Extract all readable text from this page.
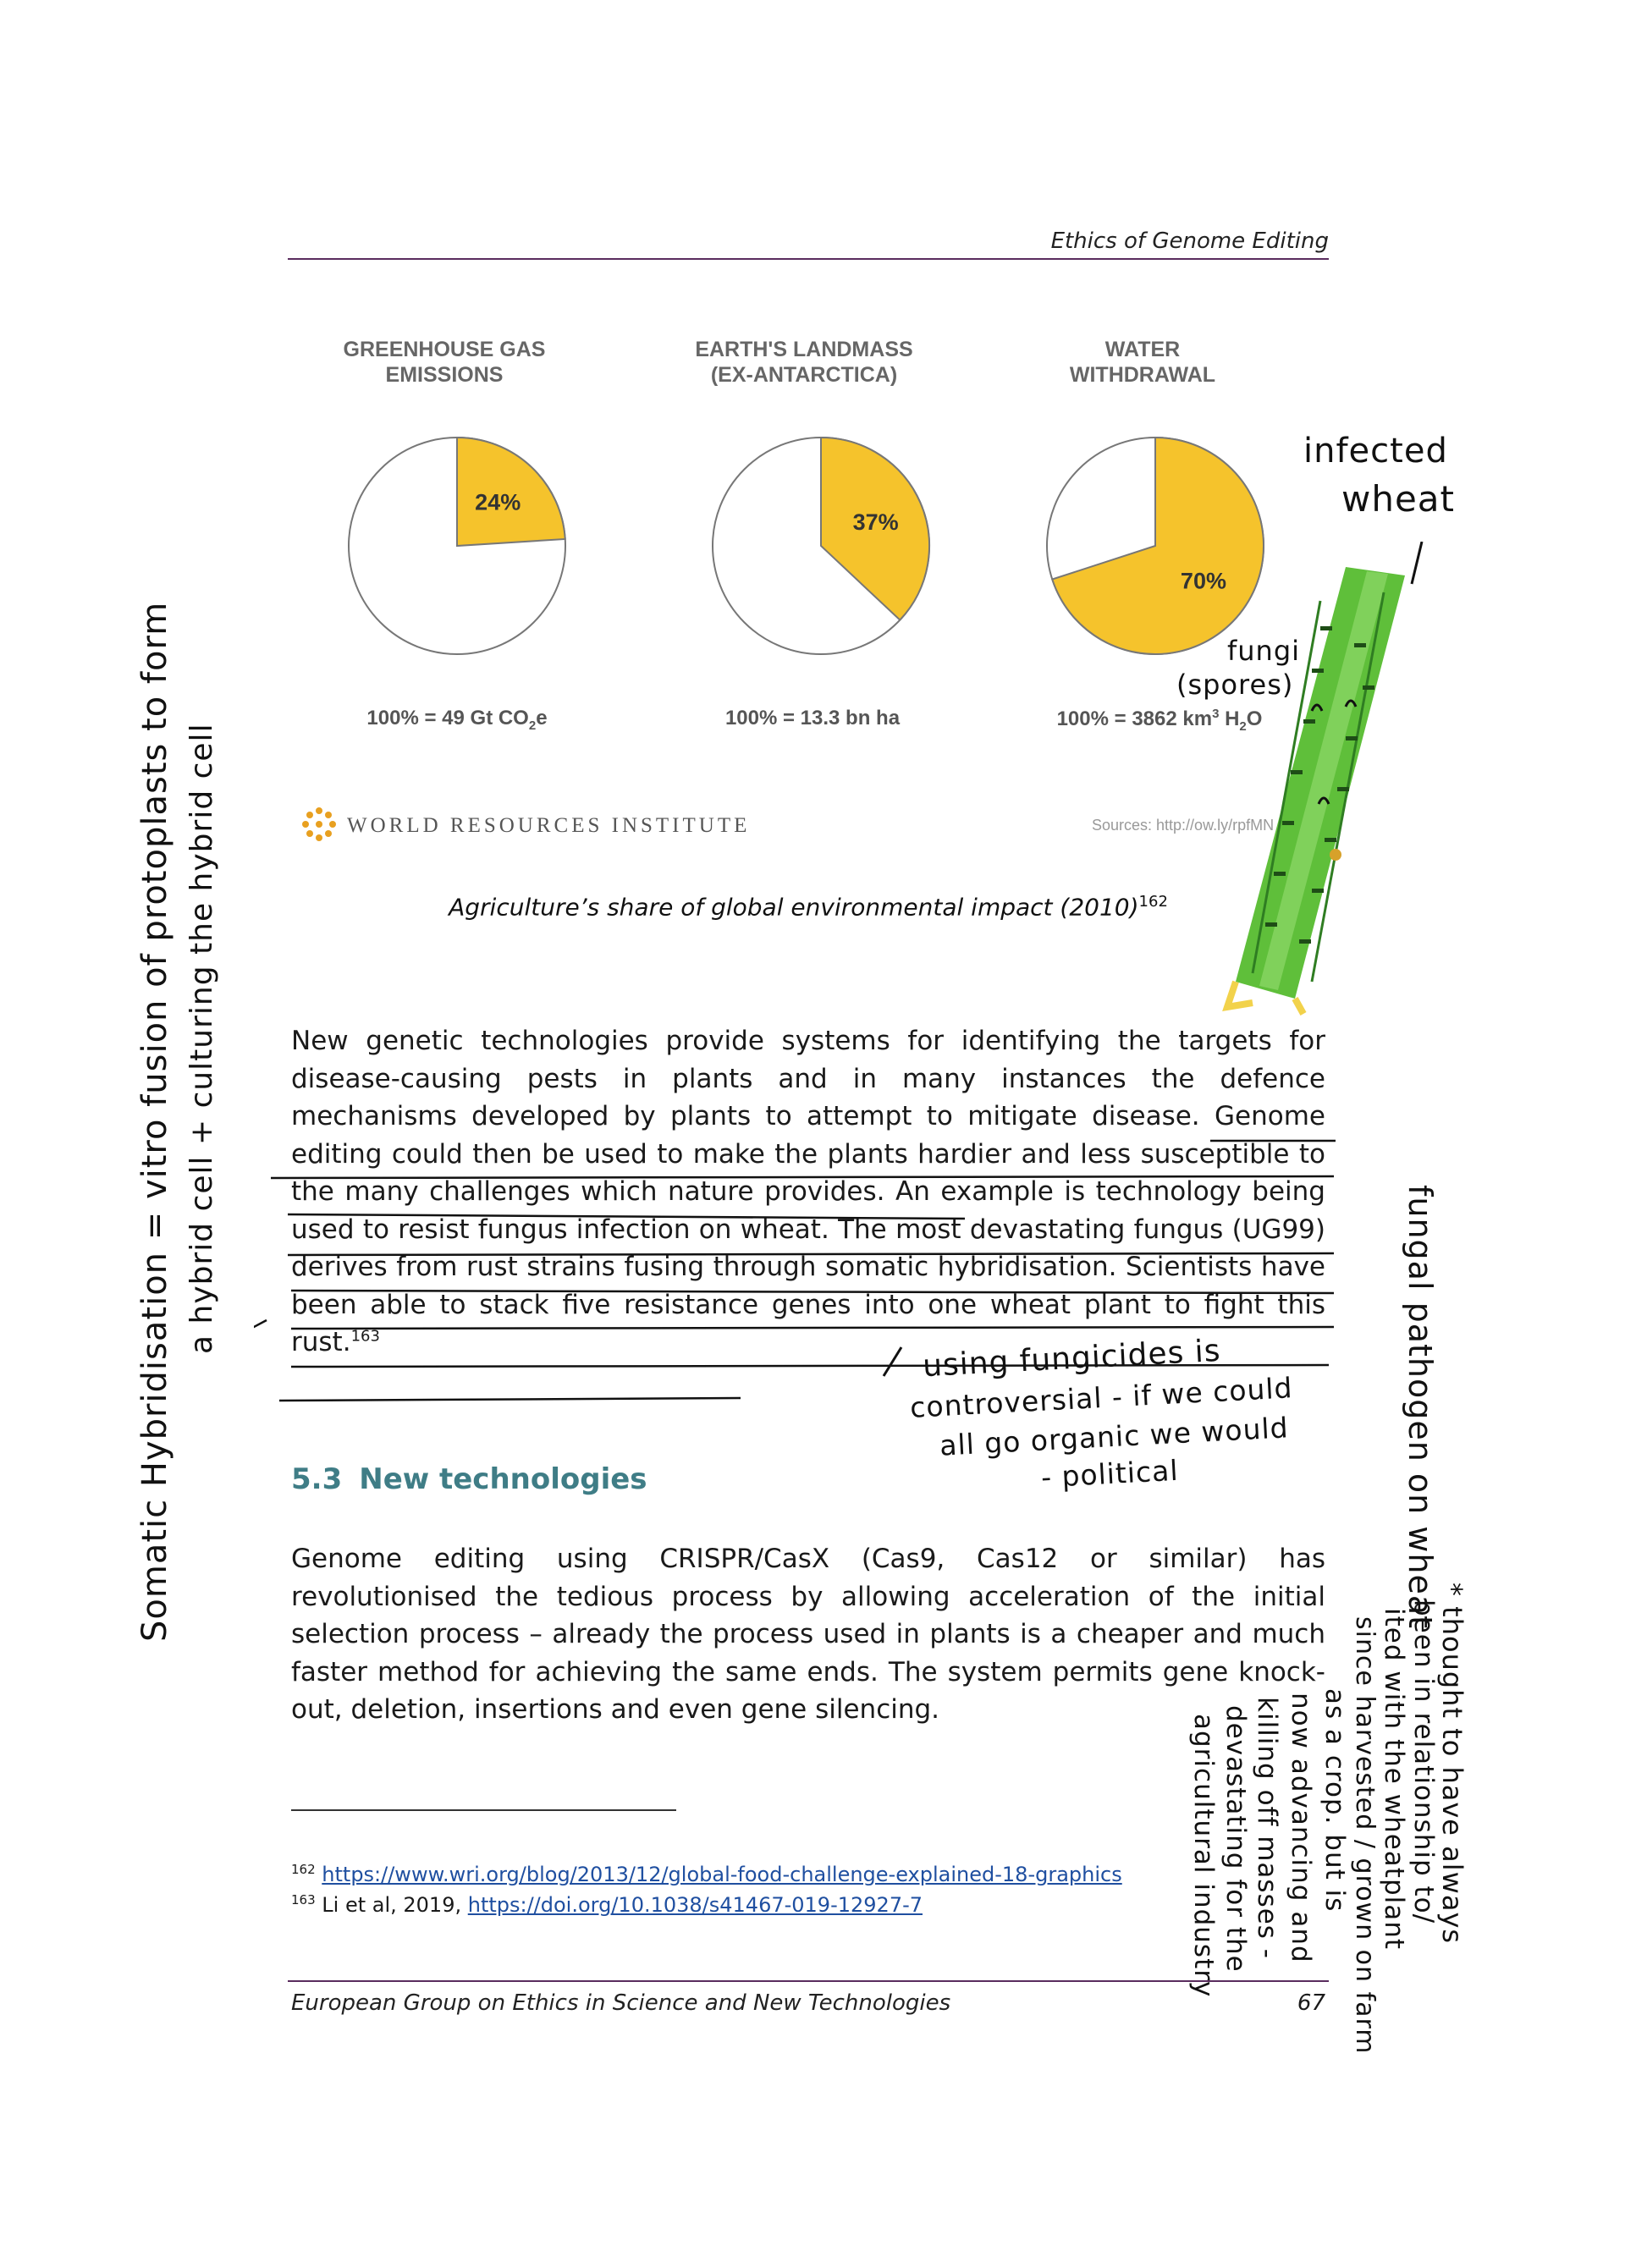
Ethics of Genome Editing
GREENHOUSE GAS
EMISSIONS
EARTH'S LANDMASS
(EX-ANTARCTICA)
WATER
WITHDRAWAL
24%
37%
70%
100% = 49 Gt $CO_2e$	100% = 13.3 bn ha	100% = 3862 $km^3$ $H_2O$
WORLD RESOURCES INSTITUTE	Sources: http://ow.ly/rpfMN
Agriculture’s share of global environmental impact $(2010)^{162}$
infected
wheat
fungi
(spores)
New genetic technologies provide systems for identifying the targets for disease-causing pests in plants and in many instances the defence mechanisms developed by plants to attempt to mitigate disease. Genome editing could then be used to make the plants hardier and less susceptible to the many challenges which nature provides. An example is technology being used to resist fungus infection on wheat. The most devastating fungus (UG99) derives from rust strains fusing through somatic hybridisation. Scientists have been able to stack five resistance genes into one wheat plant to fight this rust.$^{163}$	using fungicides is
controversial - if we could
all go organic we would
- political
5.3 New technologies
Genome editing using CRISPR/CasX (Cas9, Cas12 or similar) has revolutionised the tedious process by allowing acceleration of the initial selection process – already the process used in plants is a cheaper and much faster method for achieving the same ends. The system permits gene knock-out, deletion, insertions and even gene silencing.
$^{162}$ https://www.wri.org/blog/2013/12/global-food-challenge-explained-18-graphics
$^{163}$ Li et al, 2019, https://doi.org/10.1038/s41467-019-12927-7
European Group on Ethics in Science and New Technologies	67
Somatic Hybridisation = vitro fusion of protoplasts to form a hybrid cell + culturing the hybrid cell
fungal pathogen on wheat
* thought to have always
been in relationship to/
ited with the wheatplant
since harvested / grown on farm
as a crop. but is
now advancing and
killing off masses -
devastating for the
agricultural industry
